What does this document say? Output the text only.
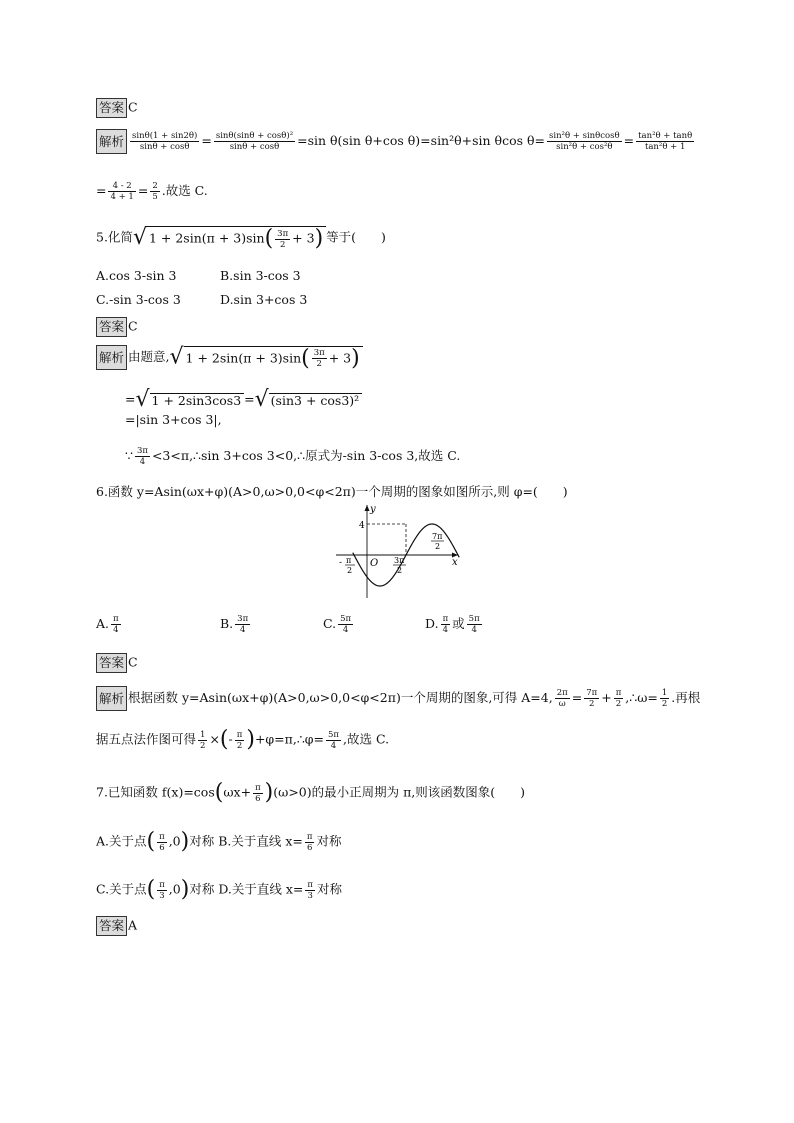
答案 C
解析 $\frac{\sin\theta(1 + \sin 2\theta)}{\sin\theta + \cos\theta} = \frac{\text{sinθ(sinθ + cosθ)²}}{\sin\theta + \cos\theta} =\sin$ θ(sin θ+cos θ)=sin²θ+sin θcos $\theta= \frac{\text{sin²θ + sinθcosθ}}{\text{sin²θ + cos²θ}} = \frac{\text{tan²θ + tanθ}}{\text{tan²θ + 1}}$
= $\frac{4 - 2}{4 + 1} = \frac{2}{5}$ .故选 C.
5.化简√ $1 + 2\sin(\pi + 3)\sin( \frac{3\pi}{2} + 3)$ 等于(　　)
A.cos 3-sin 3	B.sin 3-cos 3
C.-sin 3-cos 3	D.sin 3+cos 3
答案 C
解析 由题意,√ $1 + 2\sin(\pi + 3)\sin( \frac{3\pi}{2} + 3)$
=√ 1 + 2sin3cos3 =√ (sin3 + cos3)²
=|sin 3+cos 3|,
∵ $\frac{3\pi}{4}$ <3<π,∴sin 3+cos 3<0,∴原式为-sin 3-cos 3,故选 C.
6.函数 y=Asin(ωx+φ)(A>0,ω>0,0<φ<2π)一个周期的图象如图所示,则 φ=(　　)
y
x
O
4
- π
2
3π
2
7π
2
A. $\frac{\pi}{4}$	B. $\frac{3\pi}{4}$	C. $\frac{5\pi}{4}$	D. $\frac{\pi}{4}$ 或 $\frac{5\pi}{4}$
答案 C
解析 根据函数 y=Asin(ωx+φ)(A>0,ω>0,0<φ<2π)一个周期的图象,可得 A=4, $\frac{2\pi}{\omega} = \frac{7\pi}{2} + \frac{\pi}{2}$ ,∴ω= $\frac{1}{2}$ .再根
据五点法作图可得 $\frac{1}{2}$ ×(- $\frac{\pi}{2}$ )+φ=π,∴φ= $\frac{5\pi}{4}$ ,故选 C.
7.已知函数 $f(x)=\cos(\omega x+ \frac{\pi}{6} )(\omega>0)$的最小正周期为 π,则该函数图象(　　)
A.关于点( $\frac{\pi}{6} ,0$)对称 B.关于直线 $x= \frac{\pi}{6}$ 对称
C.关于点( $\frac{\pi}{3} ,0$)对称 D.关于直线 $x= \frac{\pi}{3}$ 对称
答案 A
